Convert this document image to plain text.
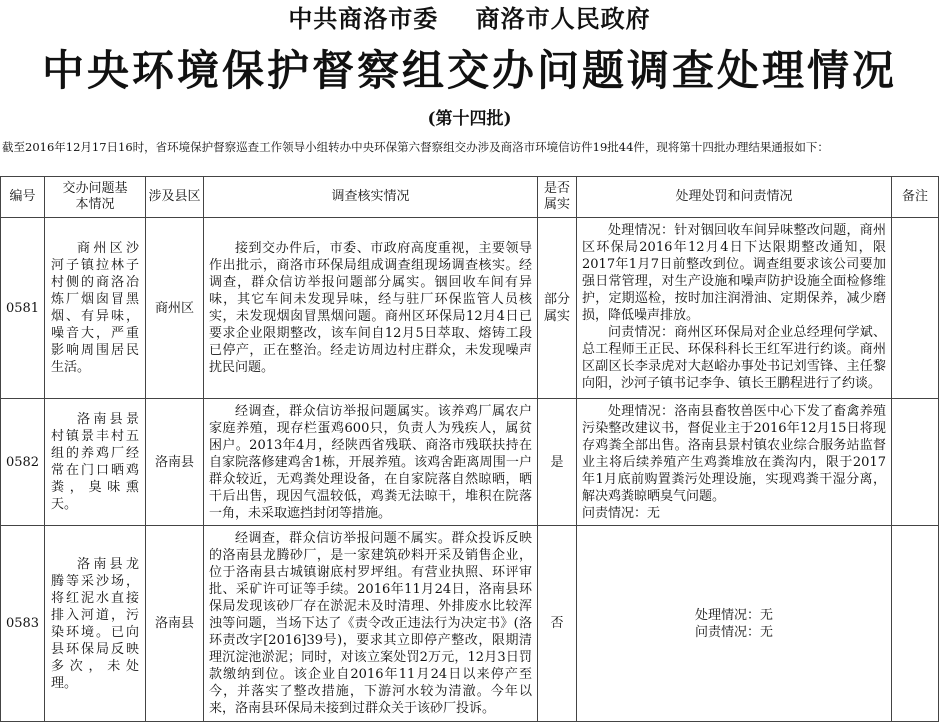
中共商洛市委 商洛市人民政府
中央环境保护督察组交办问题调查处理情况
(第十四批)
截至2016年12月17日16时，省环境保护督察巡查工作领导小组转办中央环保第六督察组交办涉及商洛市环境信访件19批44件，现将第十四批办理结果通报如下：
编号	交办问题基本情况	涉及县区	调查核实情况	是否属实	处理处罚和问责情况	备注
0581	商州区沙河子镇拉林子村侧的商洛冶炼厂烟囱冒黑烟、有异味，噪音大，严重影响周围居民生活。	商州区	接到交办件后，市委、市政府高度重视，主要领导作出批示，商洛市环保局组成调查组现场调查核实。经调查，群众信访举报问题部分属实。铟回收车间有异味，其它车间未发现异味，经与驻厂环保监管人员核实，未发现烟囱冒黑烟问题。商州区环保局12月4日已要求企业限期整改，该车间自12月5日萃取、熔铸工段已停产，正在整治。经走访周边村庄群众，未发现噪声扰民问题。	部分属实	处理情况：针对铟回收车间异味整改问题，商州区环保局2016年12月4日下达限期整改通知，限2017年1月7日前整改到位。调查组要求该公司要加强日常管理，对生产设施和噪声防护设施全面检修维护，定期巡检，按时加注润滑油、定期保养，减少磨损，降低噪声排放。

问责情况：商州区环保局对企业总经理何学斌、总工程师王正民、环保科科长王红军进行约谈。商州区副区长李录虎对大赵峪办事处书记刘雪锋、主任黎向阳，沙河子镇书记李争、镇长王鹏程进行了约谈。	

0582	洛南县景村镇景丰村五组的养鸡厂经常在门口晒鸡粪，臭味熏天。	洛南县	经调查，群众信访举报问题属实。该养鸡厂属农户家庭养殖，现存栏蛋鸡600只，负责人为残疾人，属贫困户。2013年4月，经陕西省残联、商洛市残联扶持在自家院落修建鸡舍1栋，开展养殖。该鸡舍距离周围一户群众较近，无鸡粪处理设备，在自家院落自然晾晒，晒干后出售，现因气温较低，鸡粪无法晾干，堆积在院落一角，未采取遮挡封闭等措施。	是	处理情况：洛南县畜牧兽医中心下发了畜禽养殖污染整改建议书，督促业主于2016年12月15日将现存鸡粪全部出售。洛南县景村镇农业综合服务站监督业主将后续养殖产生鸡粪堆放在粪沟内，限于2017年1月底前购置粪污处理设施，实现鸡粪干湿分离，解决鸡粪晾晒臭气问题。

问责情况：无	

0583	洛南县龙腾等采沙场，将红泥水直接排入河道，污染环境。已向县环保局反映多次，未处理。	洛南县	经调查，群众信访举报问题不属实。群众投诉反映的洛南县龙腾砂厂，是一家建筑砂料开采及销售企业，位于洛南县古城镇谢底村罗坪组。有营业执照、环评审批、采矿许可证等手续。2016年11月24日，洛南县环保局发现该砂厂存在淤泥未及时清理、外排废水比较浑浊等问题，当场下达了《责令改正违法行为决定书》(洛环责改字[2016]39号)，要求其立即停产整改，限期清理沉淀池淤泥；同时，对该立案处罚2万元，12月3日罚款缴纳到位。该企业自2016年11月24日以来停产至今，并落实了整改措施，下游河水较为清澈。今年以来，洛南县环保局未接到过群众关于该砂厂投诉。	否	处理情况：无
问责情况：无	
